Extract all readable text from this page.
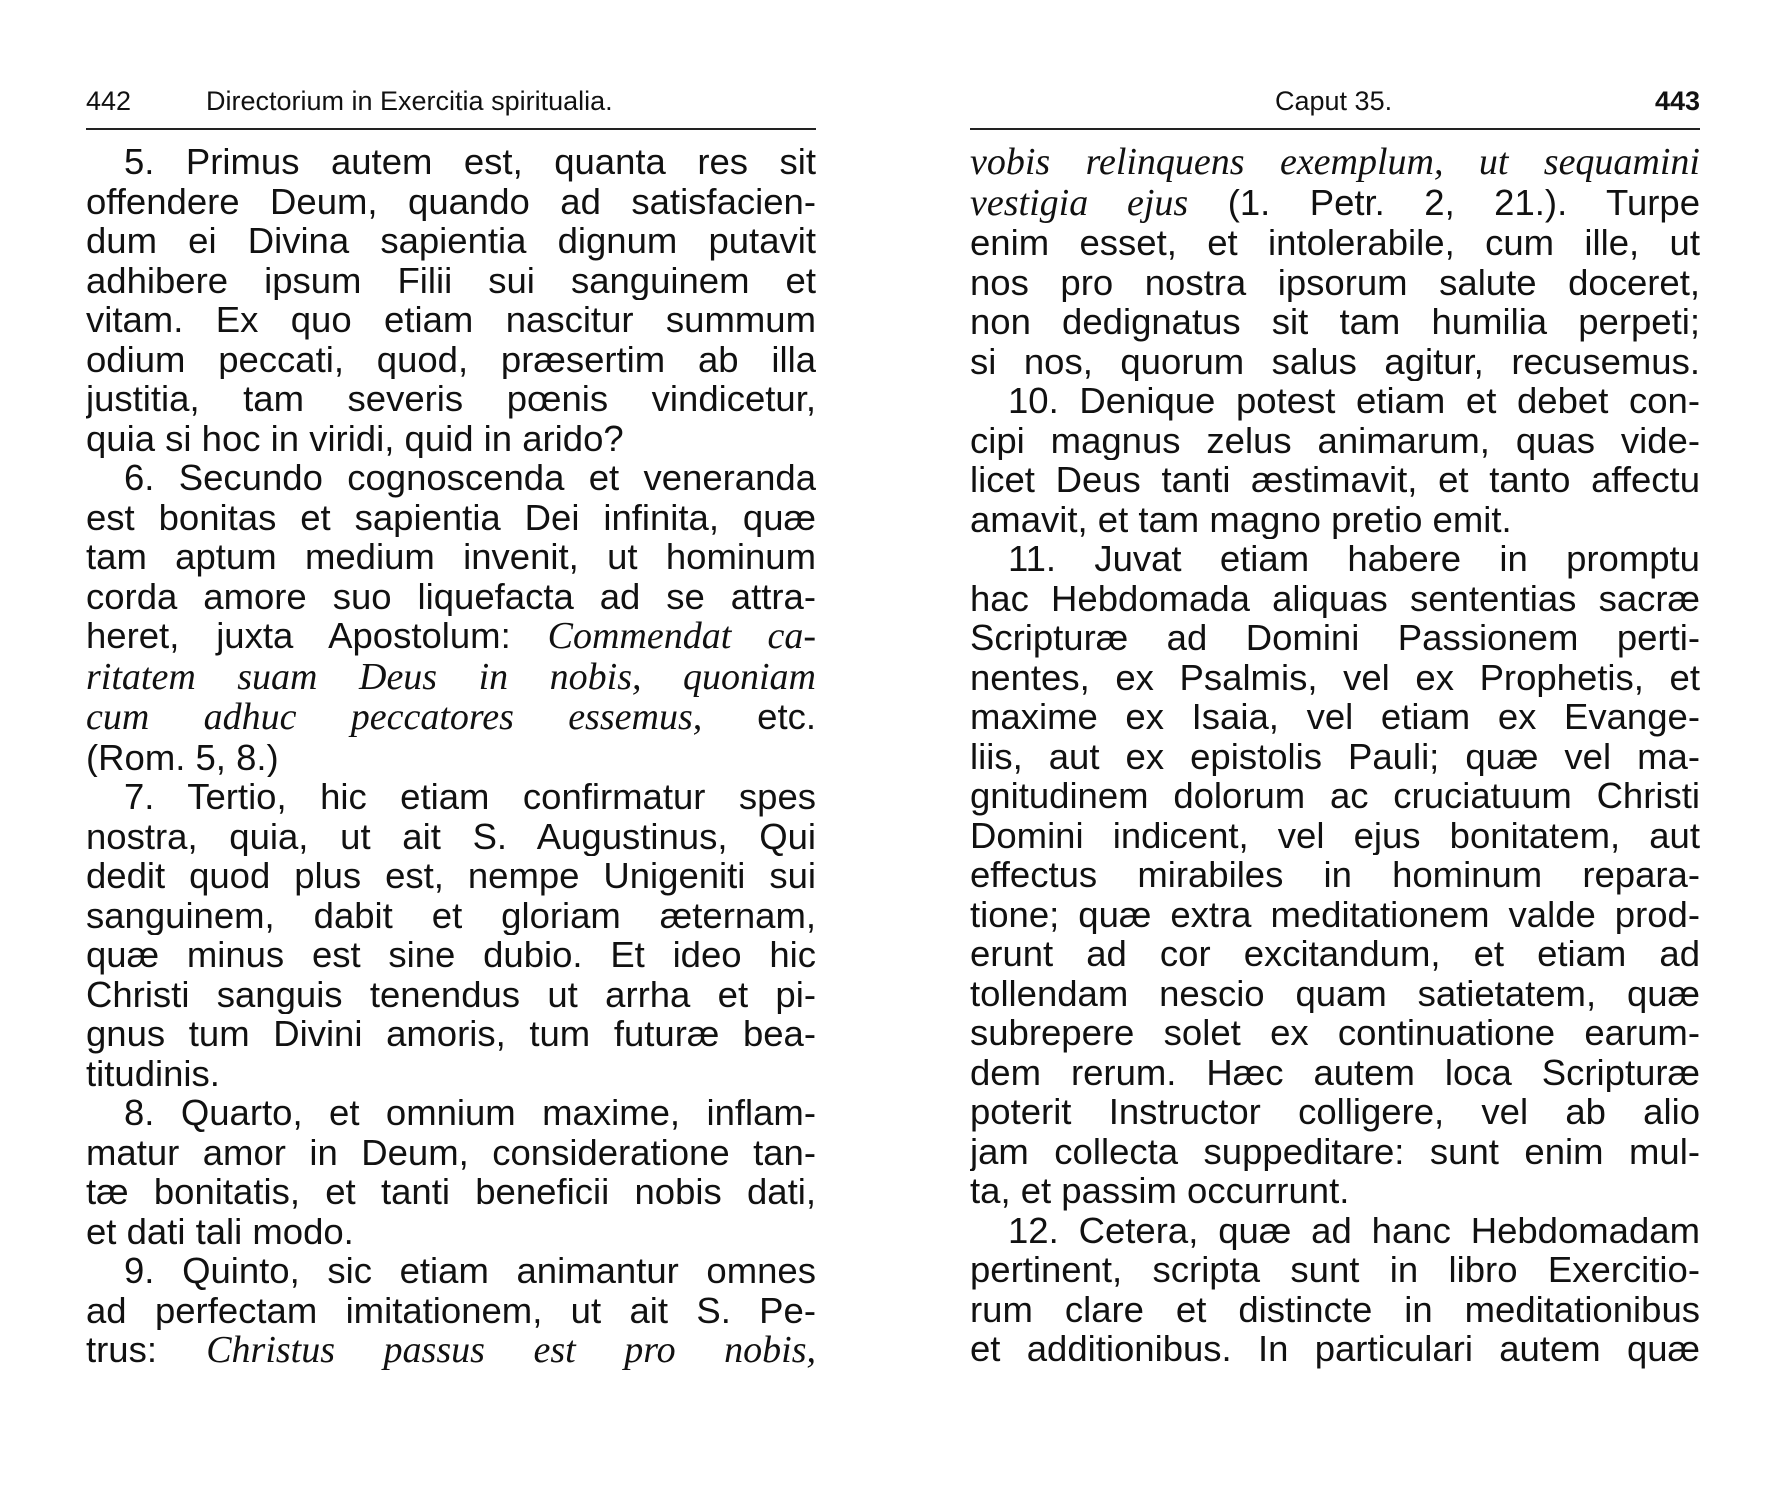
442	Directorium in Exercitia spiritualia.
5. Primus autem est, quanta res sit
offendere Deum, quando ad satisfacien-
dum ei Divina sapientia dignum putavit
adhibere ipsum Filii sui sanguinem et
vitam. Ex quo etiam nascitur summum
odium peccati, quod, præsertim ab illa
justitia, tam severis pœnis vindicetur,
quia si hoc in viridi, quid in arido?
6. Secundo cognoscenda et veneranda
est bonitas et sapientia Dei infinita, quæ
tam aptum medium invenit, ut hominum
corda amore suo liquefacta ad se attra-
heret, juxta Apostolum: Commendat ca-
ritatem suam Deus in nobis, quoniam
cum adhuc peccatores essemus, etc.
(Rom. 5, 8.)
7. Tertio, hic etiam confirmatur spes
nostra, quia, ut ait S. Augustinus, Qui
dedit quod plus est, nempe Unigeniti sui
sanguinem, dabit et gloriam æternam,
quæ minus est sine dubio. Et ideo hic
Christi sanguis tenendus ut arrha et pi-
gnus tum Divini amoris, tum futuræ bea-
titudinis.
8. Quarto, et omnium maxime, inflam-
matur amor in Deum, consideratione tan-
tæ bonitatis, et tanti beneficii nobis dati,
et dati tali modo.
9. Quinto, sic etiam animantur omnes
ad perfectam imitationem, ut ait S. Pe-
trus: Christus passus est pro nobis,
Caput 35.	443
vobis relinquens exemplum, ut sequamini
vestigia ejus (1. Petr. 2, 21.). Turpe
enim esset, et intolerabile, cum ille, ut
nos pro nostra ipsorum salute doceret,
non dedignatus sit tam humilia perpeti;
si nos, quorum salus agitur, recusemus.
10. Denique potest etiam et debet con-
cipi magnus zelus animarum, quas vide-
licet Deus tanti æstimavit, et tanto affectu
amavit, et tam magno pretio emit.
11. Juvat etiam habere in promptu
hac Hebdomada aliquas sententias sacræ
Scripturæ ad Domini Passionem perti-
nentes, ex Psalmis, vel ex Prophetis, et
maxime ex Isaia, vel etiam ex Evange-
liis, aut ex epistolis Pauli; quæ vel ma-
gnitudinem dolorum ac cruciatuum Christi
Domini indicent, vel ejus bonitatem, aut
effectus mirabiles in hominum repara-
tione; quæ extra meditationem valde prod-
erunt ad cor excitandum, et etiam ad
tollendam nescio quam satietatem, quæ
subrepere solet ex continuatione earum-
dem rerum. Hæc autem loca Scripturæ
poterit Instructor colligere, vel ab alio
jam collecta suppeditare: sunt enim mul-
ta, et passim occurrunt.
12. Cetera, quæ ad hanc Hebdomadam
pertinent, scripta sunt in libro Exercitio-
rum clare et distincte in meditationibus
et additionibus. In particulari autem quæ
